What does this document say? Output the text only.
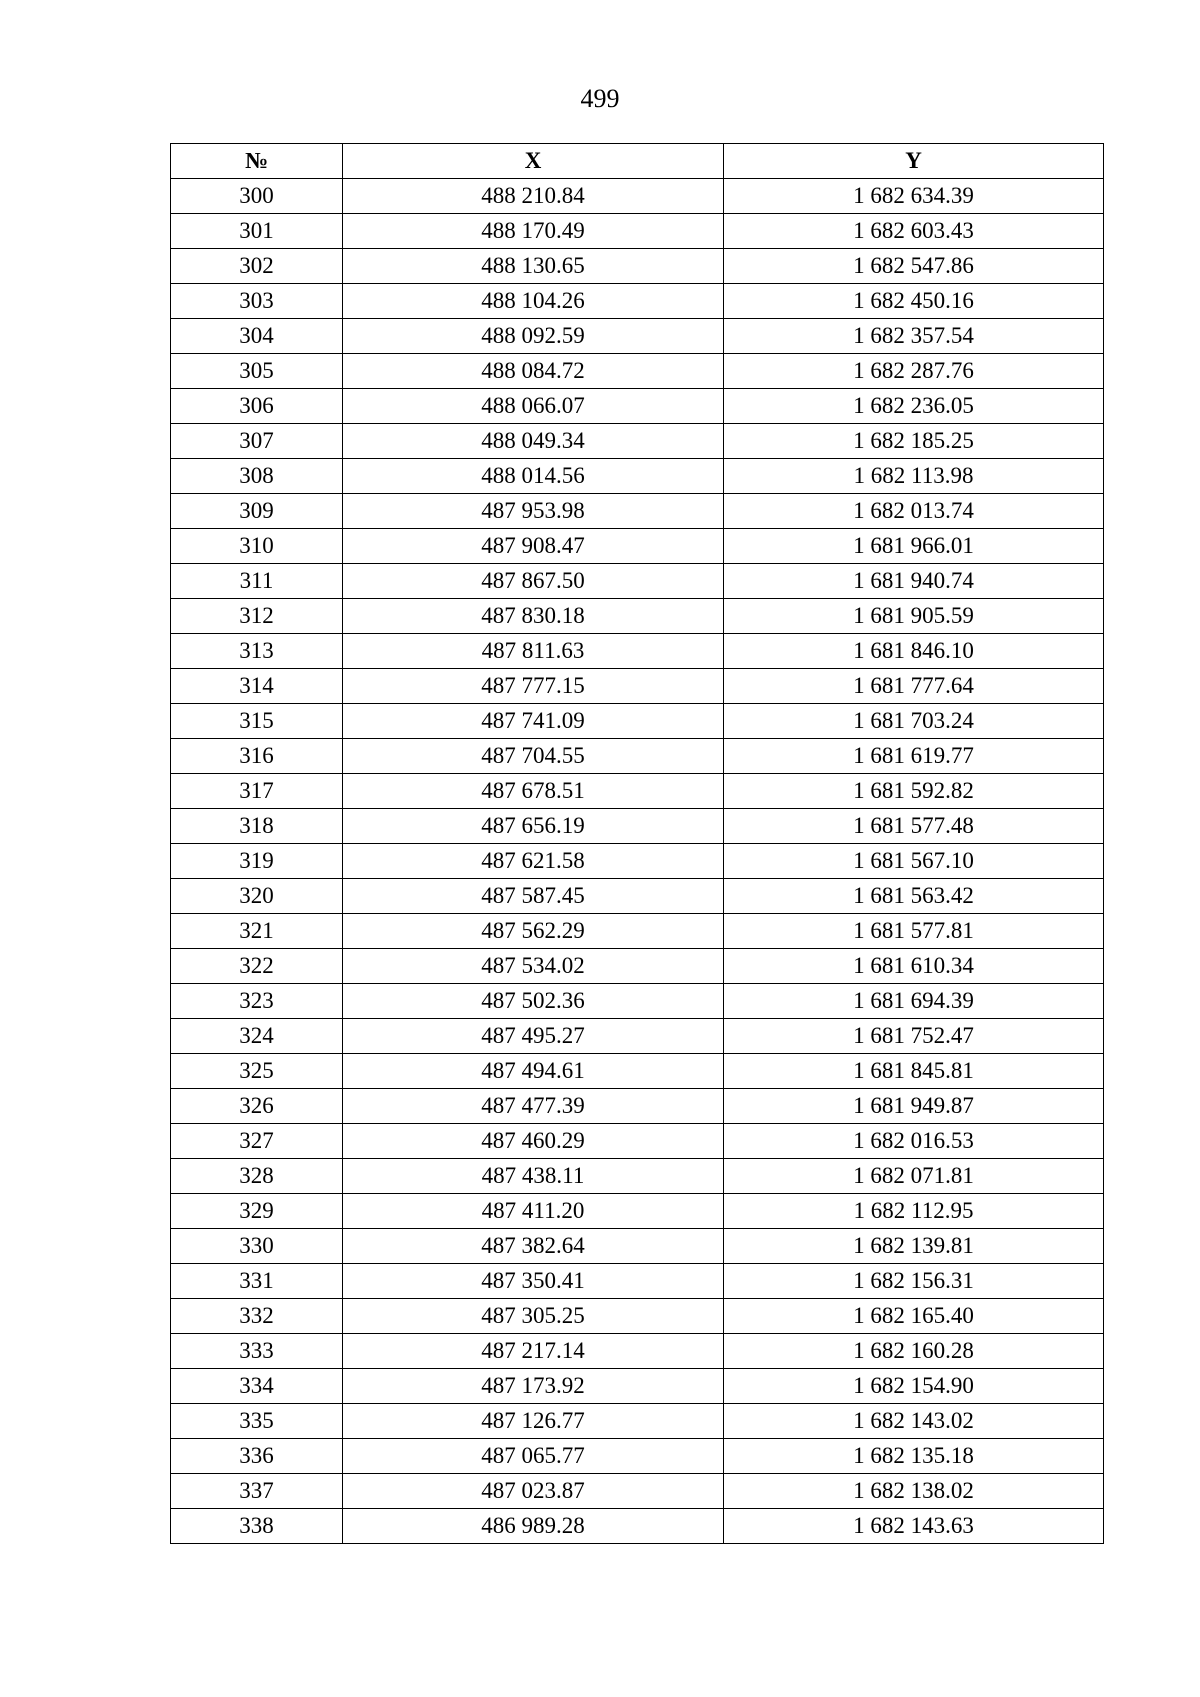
499
№	X	Y
300	488 210.84	1 682 634.39
301	488 170.49	1 682 603.43
302	488 130.65	1 682 547.86
303	488 104.26	1 682 450.16
304	488 092.59	1 682 357.54
305	488 084.72	1 682 287.76
306	488 066.07	1 682 236.05
307	488 049.34	1 682 185.25
308	488 014.56	1 682 113.98
309	487 953.98	1 682 013.74
310	487 908.47	1 681 966.01
311	487 867.50	1 681 940.74
312	487 830.18	1 681 905.59
313	487 811.63	1 681 846.10
314	487 777.15	1 681 777.64
315	487 741.09	1 681 703.24
316	487 704.55	1 681 619.77
317	487 678.51	1 681 592.82
318	487 656.19	1 681 577.48
319	487 621.58	1 681 567.10
320	487 587.45	1 681 563.42
321	487 562.29	1 681 577.81
322	487 534.02	1 681 610.34
323	487 502.36	1 681 694.39
324	487 495.27	1 681 752.47
325	487 494.61	1 681 845.81
326	487 477.39	1 681 949.87
327	487 460.29	1 682 016.53
328	487 438.11	1 682 071.81
329	487 411.20	1 682 112.95
330	487 382.64	1 682 139.81
331	487 350.41	1 682 156.31
332	487 305.25	1 682 165.40
333	487 217.14	1 682 160.28
334	487 173.92	1 682 154.90
335	487 126.77	1 682 143.02
336	487 065.77	1 682 135.18
337	487 023.87	1 682 138.02
338	486 989.28	1 682 143.63
